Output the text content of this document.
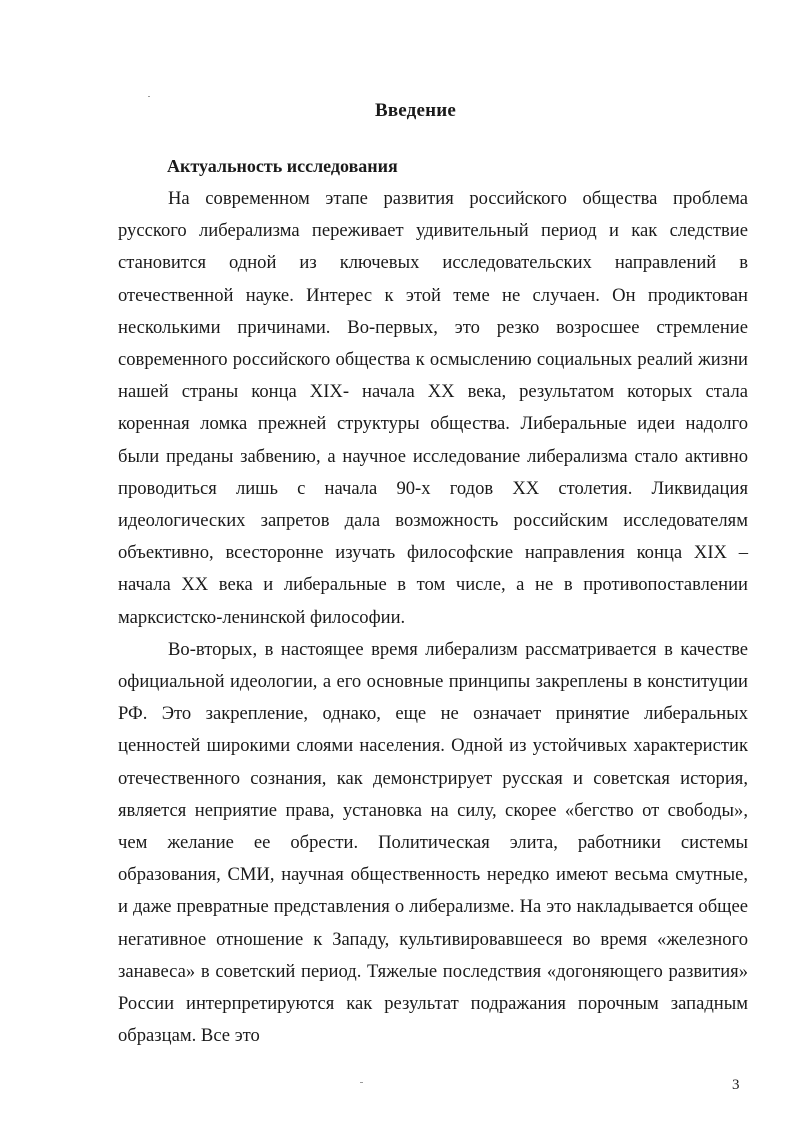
Введение
Актуальность исследования

На современном этапе развития российского общества проблема русского либерализма переживает удивительный период и как следствие становится одной из ключевых исследовательских направлений в отечественной науке. Интерес к этой теме не случаен. Он продиктован несколькими причинами. Во-первых, это резко возросшее стремление современного российского общества к осмыслению социальных реалий жизни нашей страны конца XIX- начала XX века, результатом которых стала коренная ломка прежней структуры общества. Либеральные идеи надолго были преданы забвению, а научное исследование либерализма стало активно проводиться лишь с начала 90-х годов XX столетия. Ликвидация идеологических запретов дала возможность российским исследователям объективно, всесторонне изучать философские направления конца XIX – начала XX века и либеральные в том числе, а не в противопоставлении марксистско-ленинской философии.

Во-вторых, в настоящее время либерализм рассматривается в качестве официальной идеологии, а его основные принципы закреплены в конституции РФ. Это закрепление, однако, еще не означает принятие либеральных ценностей широкими слоями населения. Одной из устойчивых характеристик отечественного сознания, как демонстрирует русская и советская история, является неприятие права, установка на силу, скорее «бегство от свободы», чем желание ее обрести. Политическая элита, работники системы образования, СМИ, научная общественность нередко имеют весьма смутные, и даже превратные представления о либерализме. На это накладывается общее негативное отношение к Западу, культивировавшееся во время «железного занавеса» в советский период. Тяжелые последствия «догоняющего развития» России интерпретируются как результат подражания порочным западным образцам. Все это

3
